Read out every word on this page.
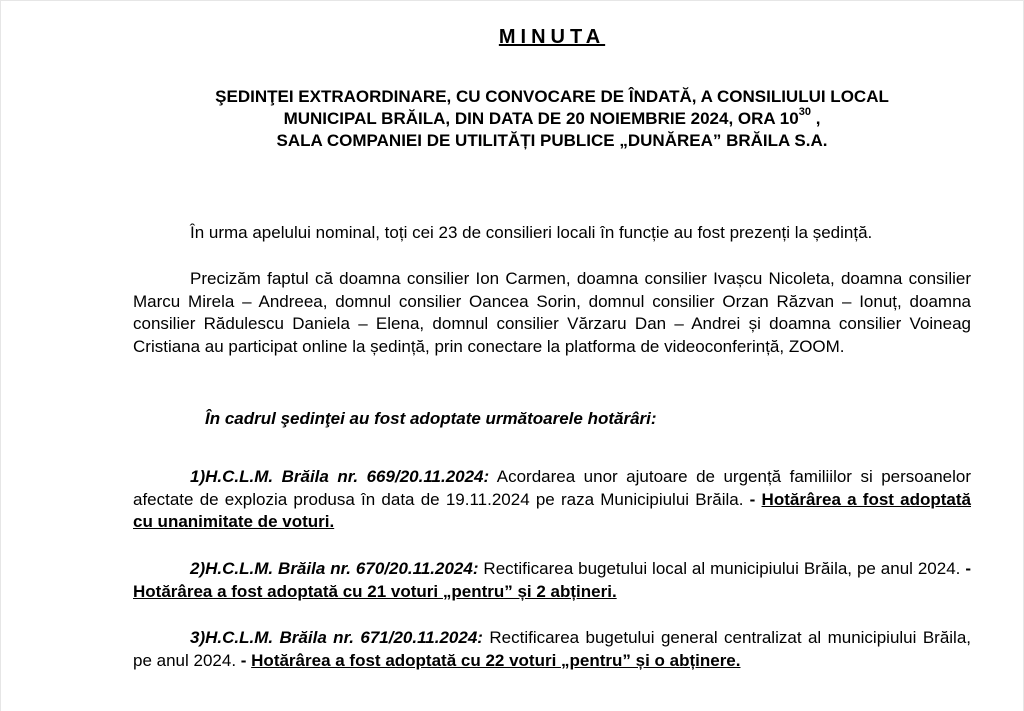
MINUTA
ŞEDINŢEI EXTRAORDINARE, CU CONVOCARE DE ÎNDATĂ, A CONSILIULUI LOCAL
MUNICIPAL BRĂILA, DIN DATA DE 20 NOIEMBRIE 2024, ORA $10^{30}$ ,
SALA COMPANIEI DE UTILITĂȚI PUBLICE „DUNĂREA” BRĂILA S.A.
În urma apelului nominal, toți cei 23 de consilieri locali în funcție au fost prezenți la ședință.
Precizăm faptul că doamna consilier Ion Carmen, doamna consilier Ivașcu Nicoleta, doamna consilier Marcu Mirela – Andreea, domnul consilier Oancea Sorin, domnul consilier Orzan Răzvan – Ionuț, doamna consilier Rădulescu Daniela – Elena, domnul consilier Vărzaru Dan – Andrei și doamna consilier Voineag Cristiana au participat online la ședință, prin conectare la platforma de videoconferință, ZOOM.
În cadrul şedinţei au fost adoptate următoarele hotărâri:
1)H.C.L.M. Brăila nr. 669/20.11.2024: Acordarea unor ajutoare de urgență familiilor si persoanelor afectate de explozia produsa în data de 19.11.2024 pe raza Municipiului Brăila. - Hotărârea a fost adoptată cu unanimitate de voturi.
2)H.C.L.M. Brăila nr. 670/20.11.2024: Rectificarea bugetului local al municipiului Brăila, pe anul 2024. - Hotărârea a fost adoptată cu 21 voturi „pentru” și 2 abțineri.
3)H.C.L.M. Brăila nr. 671/20.11.2024: Rectificarea bugetului general centralizat al municipiului Brăila, pe anul 2024. - Hotărârea a fost adoptată cu 22 voturi „pentru” și o abținere.
